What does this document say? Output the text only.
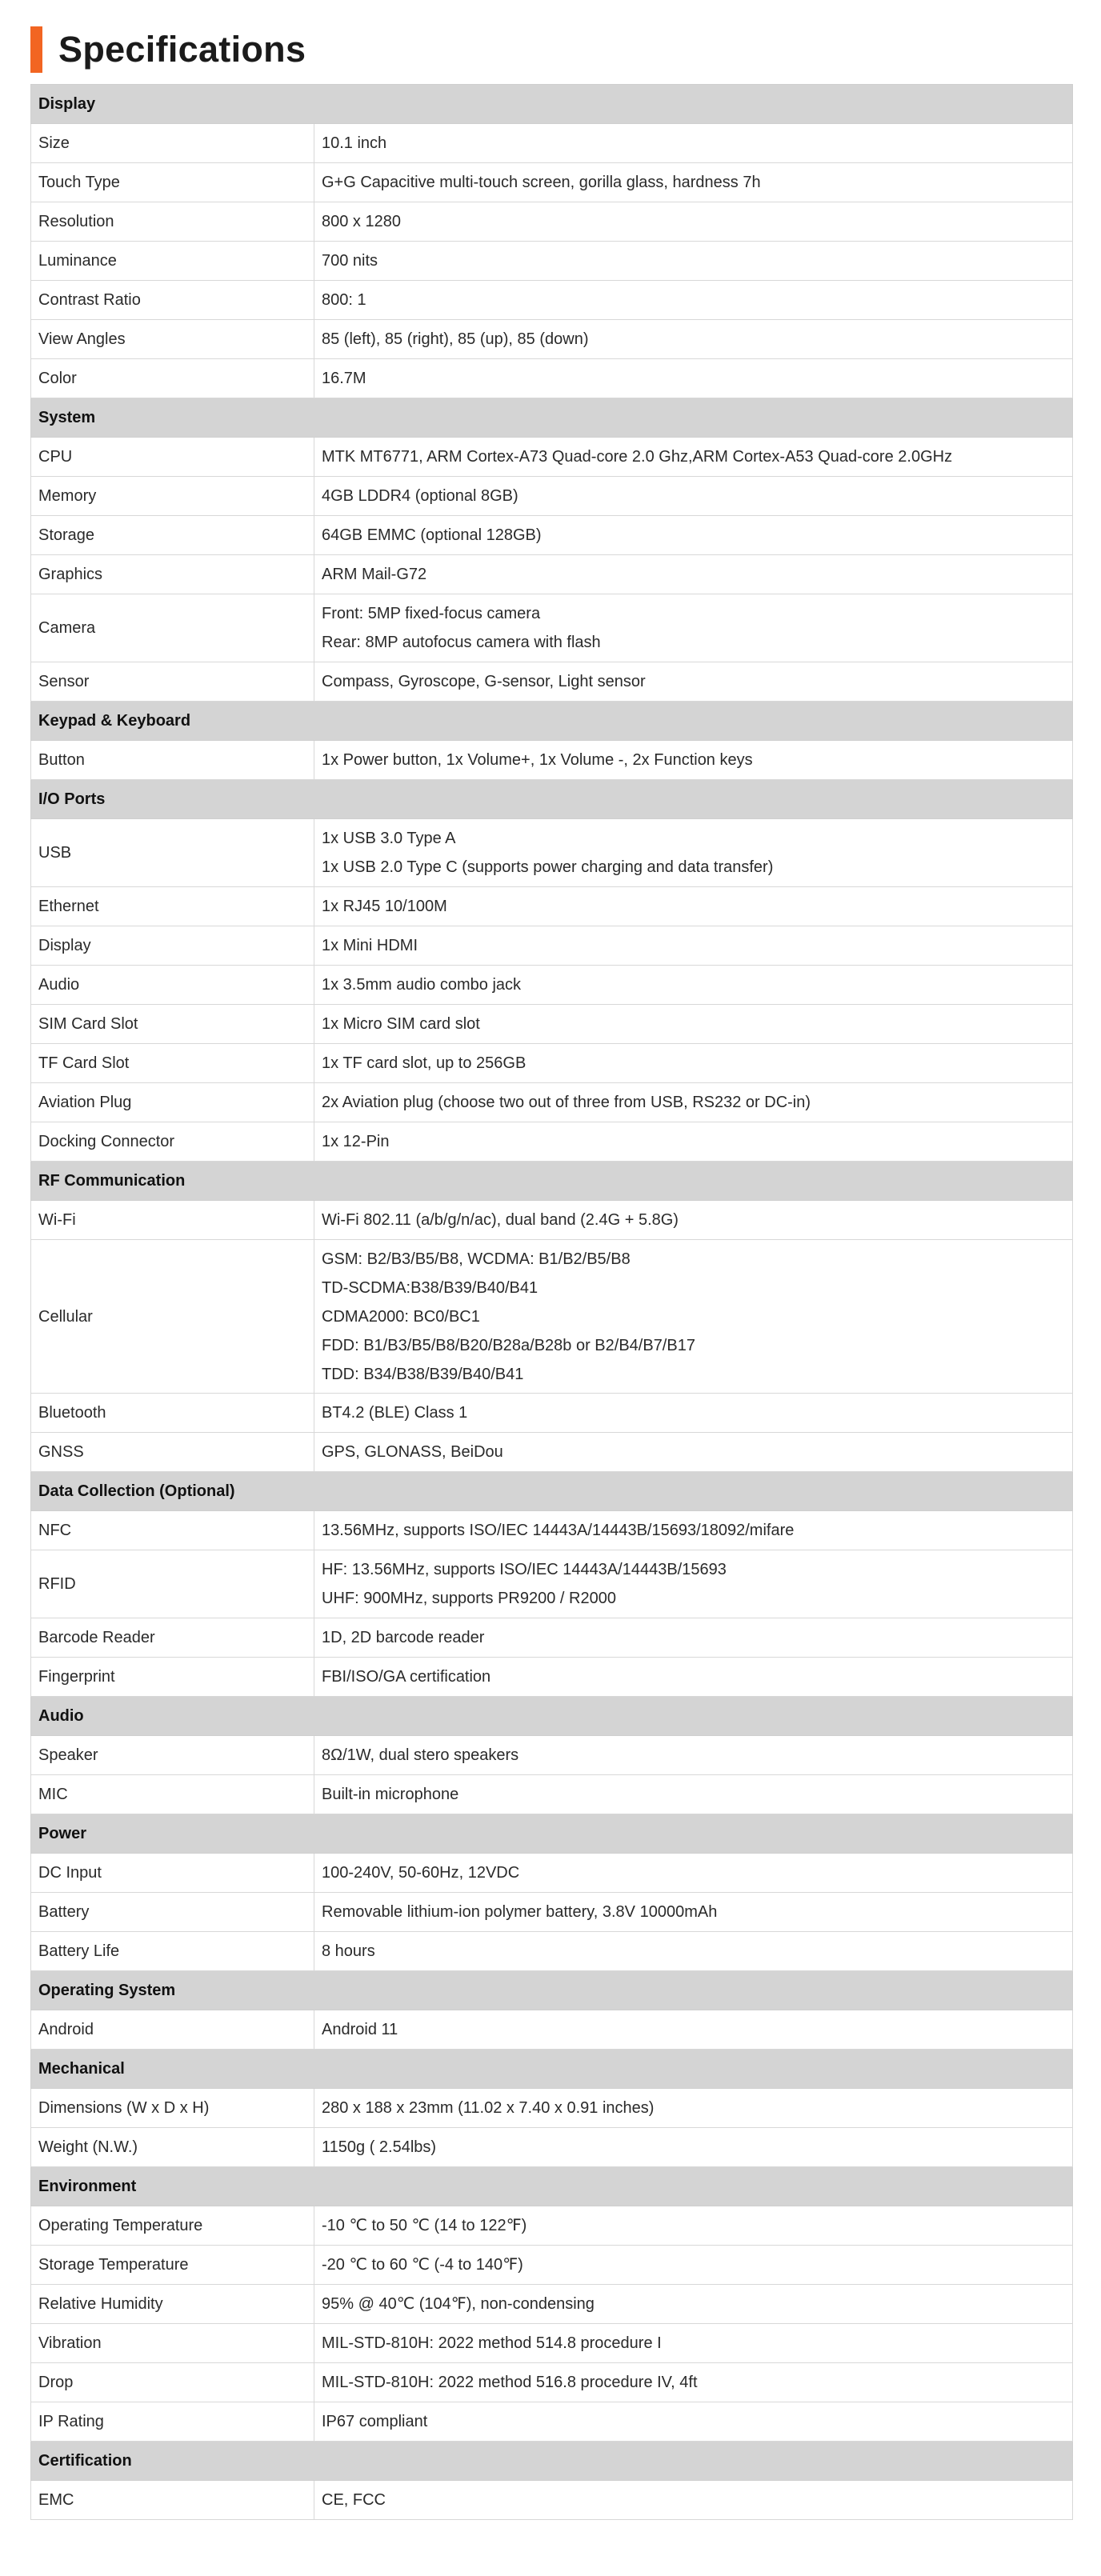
Specifications
Display	
Size	10.1 inch

Touch Type	G+G Capacitive multi-touch screen, gorilla glass, hardness 7h

Resolution	800 x 1280

Luminance	700 nits

Contrast Ratio	800: 1

View Angles	85 (left), 85 (right), 85 (up), 85 (down)

Color	16.7M

System	
CPU	MTK MT6771, ARM Cortex-A73 Quad-core 2.0 Ghz,ARM Cortex-A53 Quad-core 2.0GHz

Memory	4GB LDDR4 (optional 8GB)

Storage	64GB EMMC (optional 128GB)

Graphics	ARM Mail-G72

Camera	Front: 5MP fixed-focus camera
Rear: 8MP autofocus camera with flash

Sensor	Compass, Gyroscope, G-sensor, Light sensor

Keypad & Keyboard	
Button	1x Power button, 1x Volume+, 1x Volume -, 2x Function keys

I/O Ports	
USB	1x USB 3.0 Type A
1x USB 2.0 Type C (supports power charging and data transfer)

Ethernet	1x RJ45 10/100M

Display	1x Mini HDMI

Audio	1x 3.5mm audio combo jack

SIM Card Slot	1x Micro SIM card slot

TF Card Slot	1x TF card slot, up to 256GB

Aviation Plug	2x Aviation plug (choose two out of three from USB, RS232 or DC-in)

Docking Connector	1x 12-Pin

RF Communication	
Wi-Fi	Wi-Fi 802.11 (a/b/g/n/ac), dual band (2.4G + 5.8G)

Cellular	GSM: B2/B3/B5/B8, WCDMA: B1/B2/B5/B8
TD-SCDMA:B38/B39/B40/B41
CDMA2000: BC0/BC1
FDD: B1/B3/B5/B8/B20/B28a/B28b or B2/B4/B7/B17
TDD: B34/B38/B39/B40/B41

Bluetooth	BT4.2 (BLE) Class 1

GNSS	GPS, GLONASS, BeiDou

Data Collection (Optional)	
NFC	13.56MHz, supports ISO/IEC 14443A/14443B/15693/18092/mifare

RFID	HF: 13.56MHz, supports ISO/IEC 14443A/14443B/15693
UHF: 900MHz, supports PR9200 / R2000

Barcode Reader	1D, 2D barcode reader

Fingerprint	FBI/ISO/GA certification

Audio	
Speaker	8Ω/1W, dual stero speakers

MIC	Built-in microphone

Power	
DC Input	100-240V, 50-60Hz, 12VDC

Battery	Removable lithium-ion polymer battery, 3.8V 10000mAh

Battery Life	8 hours

Operating System	
Android	Android 11

Mechanical	
Dimensions (W x D x H)	280 x 188 x 23mm (11.02 x 7.40 x 0.91 inches)

Weight (N.W.)	1150g ( 2.54lbs)

Environment	
Operating Temperature	-10 ℃ to 50 ℃ (14 to 122℉)

Storage Temperature	-20 ℃ to 60 ℃ (-4 to 140℉)

Relative Humidity	95% @ 40℃ (104℉), non-condensing

Vibration	MIL-STD-810H: 2022 method 514.8 procedure I

Drop	MIL-STD-810H: 2022 method 516.8 procedure IV, 4ft

IP Rating	IP67 compliant

Certification	
EMC	CE, FCC
